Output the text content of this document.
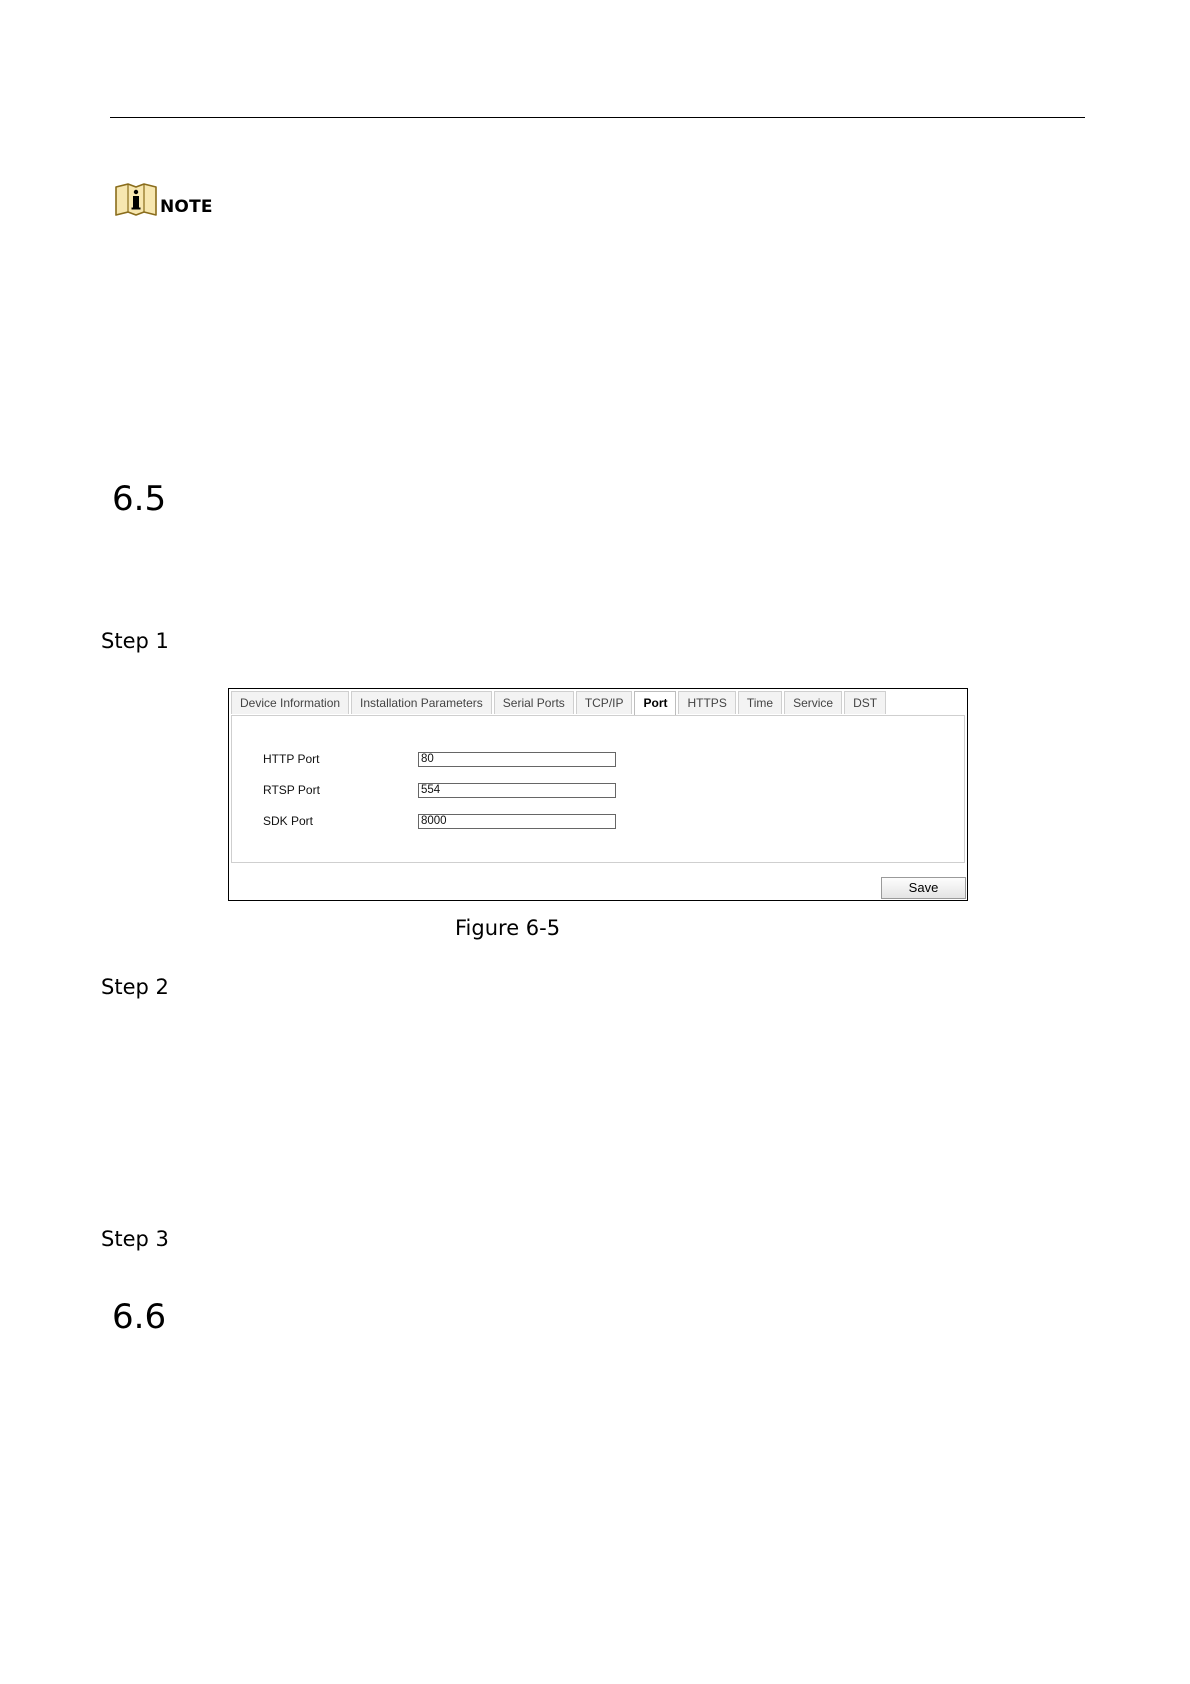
NOTE
6.5
Step 1
Device Information	Installation Parameters	Serial Ports	TCP/IP	Port	HTTPS	Time	Service	DST
HTTP Port	80
RTSP Port	554
SDK Port	8000
Save
Figure 6-5
Step 2
Step 3
6.6
